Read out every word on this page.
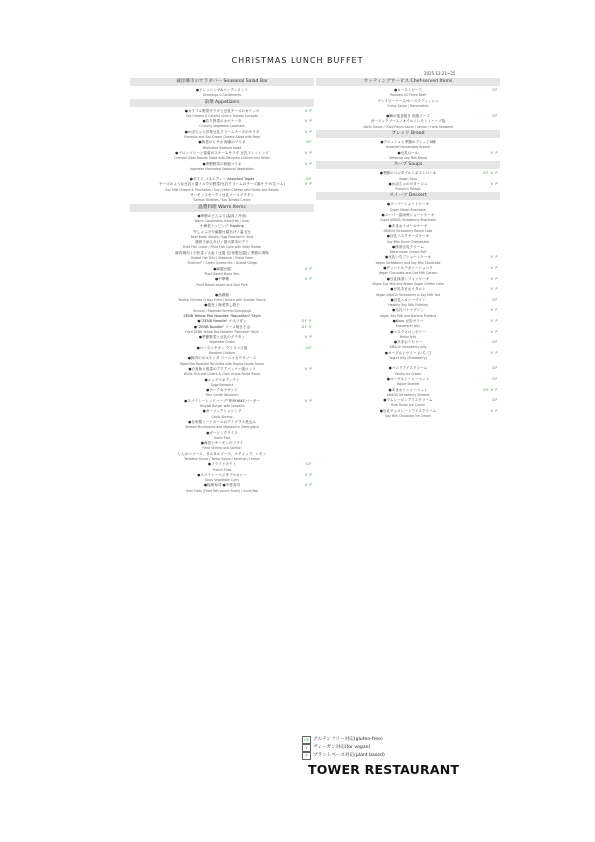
CHRISTMAS LUNCH BUFFET
2025.12.21~25
彼岸郷市のサラダバー Seasonal Salad Bar
●ドレッシング&コンディメント
Dressings & Condiments
前菜 Appetizers
●カラフル野菜サラダと豆乳チーズのカナッペ
Soy Cheese & Colorful Cherry Tomato Canapés
V P
●彩り野菜のカポナータ
Crunchy Vegetable Caponata
V P
●かぼちゃと洋梨豆乳クリームチーズのサラダ
Pumpkin and Soy Cream Cheese Salad with Rote
V P
●海老のとサカ 海藻のマリネ
Marinated Seafood Salad
GF
●ブロッコリーと春菊のスチームサラダ 豆乳ドレッシング
Oriental Glass Noodle Salad with Steamed Chicken and Herbs
V P
●季節野菜の和風マリネ
Japanese Marinated Seasonal Vegetables
V P
●ダイス パネエディー Assorted Tapas	GF
チーズのような豆乳と蓮ミルクの野菜/豆乳クリームのチーズ風サラダ(生ハム)
Soy Milk Cheese & Pinchadas / Soy Cream Cheese with Herbs and Salads
V P
サーモンスモーク / 豆乳ソースグラタン
Salmon Rillettes / Soy Tomato Cream
温製料理 Warm Items
●季節のどんぶり(温食 / 冷食)
Warm Condiments Udon(Hot / Iced)
小海老トッピング Frosting
牛しゃぶ天や麻婆豆腐あげ / 温玉豆
Beef Broth Steaks / Egg Poached in Shot
鶏団子添えあげ / 夏の果実のデミ
Fried Fish Cutlet / Fried Fish Cake with Salty Radish
豚肉焼肉 / 小松菜 / 人参 / 豆腐 (自家製豆腐) / 季節の漬物
Grated Hot Tofu / Seasonal / Mixed Oden
"Shichimi" / Green Onions Mix / Grated Ginger
●麻婆豆腐
Plant Based Mapo Tofu
V P
●中華粥
Plant Based xowen and Soul Pork
V P
●油淋鶏
Youlinji Chinese Crispy Fried Chicken with Scallion Sauce
●焼売 / 海老蒸し餃子
Shumai / Steamed Shrimp Dumplings
ZENB Yellow Pea Noodles "Napolitan" Style
●"ZENB Noodle" ナポリタン	GF V
●"ZENB Noodle" ソース焼きそば
Fried ZENB Yellow Pea Noodles "Yakisoba" Style
GF V
●季節野菜と豆乳のグラタン
Vegetable Gratin
V P
●ローストチキン クリスマス風
Roasted Chicken
GF
●豚肉のポルケッタ バーニャカウダソース
Wood-Fire Roasted Porchetta with Bagna Cauda Sauce
●白身魚と根菜のアクアパッツァ風ロッソ
White Fish and Lilliere & Clam Acqua Pazza Rosso
V P
●エッグベネディクト
Eggs Benedict
●ポークカツサンド
Pork Cutlet Sandwich
●スパイシーレッドハーブ"TERIYAKI"バーガー
Teriyaki Burger with Jalapeño
V P
●ガーリックシュリンプ
Garlic Shrimp
●自家製ミートボールのデミグラス煮込み
Stewed Mushrooms and Meatball in Demi-glace
●ガーリックライス
Garlic Rice
●海老とサーモンのフライ
Fried Shrimp and Salmon
とんかつソース、タルタルソース、ケチャップ、レモン
Tonkatsu Sauce / Tartar Sauce / Ketchup / Lemon
●フライドポテト
French Fries
GF
●スパイシーベジタブルカレー
Spicy Vegetable Curry
V P
●稲荷寿司 ●中巻寿司
Inari Sushi (Fried Tofu pouch Sushi) / Sushi Roll
V P
カッティングサービス Chef-served Items
●ローストビーフ
Roasted US Prime Beef
GF
グレイビーソース/ホースラディッシュ
Gravy Sauce / Horseradish
●鯛の塩釜焼き 和風ソース	GF
ガーリックソース / オイル / レモン / ハーブ塩
Garlic Sauce / Olive Ponzu Sauce / Lemon / Herb Seaweed
ブレッド Bread
●デニッシュと季節のブレッド5種
Assorted Homemade Breads
●豆乳ロール
Steamed Soy Milk Bread
V P
スープ Soups
●季節のベジタブルミネストローネ
Vegan Soup
GF V P
●かぼちゃのポタージュ
Pumpkin Potage
V P
スイーツ Dessert
●スーパーショートケーキ
Super Melon Shortcake
●スーパー雷雨苺ショートケーキ
Super AMAOU Strawberry Shortcake
●あまおうロールケーキ
AMAOU Strawberry Rolled Cake
●豆乳バスクチーズケーキ
Soy Milk Burnt Cheesecake
●抹茶豆乳クリーム
Watermelon Cream Puff
●豆乳いちごショートケーキ
Vegan Strawberry and Soy Milk Shortcake
V P
●ザッハトルテガトーショコラ
Vegan Chocolate and Oat Milk Gateau
V P
●豆乳抹茶シフォンケーキ
Vegan Soy Milk and Brown Sugar Chiffon Cake
V P
●豆乳あまおうタルト
Vegan AMAOU Strawberry & Soy Milk Tart
V P
●豆乳ヘルシープリン
Healthy Soy Milk Pudding
GF
●豆乳バナナプリン
Vegan Soy Milk and Banana Pudding
V P
●Kuzu 豆乳ゼリー
Kuzumochi Jelly
V P
●マスクメロンゼリー
Melon Jelly
V P
●あまおうゼリー
AMAOU Strawberry Jelly
GF
●ヨーグルトゼリー (いちご)
Yogurt Jelly (Strawberry)
V P
●バニラアイスクリーム
Vanilla Ice Cream
GF
●ヨーグルトシャーベット
Yogurt Sherbet
GF
●あまおうシャーベット
AMAOU Strawberry Sherbet
GF V P
●ラムレーズンアイスクリーム
Rum Raisin Ice Cream
GF
●豆乳チョコレートアイスクリーム
Soy Milk Chocolate Ice Cream
V P
GF グルテンフリー対応(gluten-free)
V	ヴィーガン対応(for vegan)
P	プラントベース対応(plant based)
TOWER RESTAURANT
